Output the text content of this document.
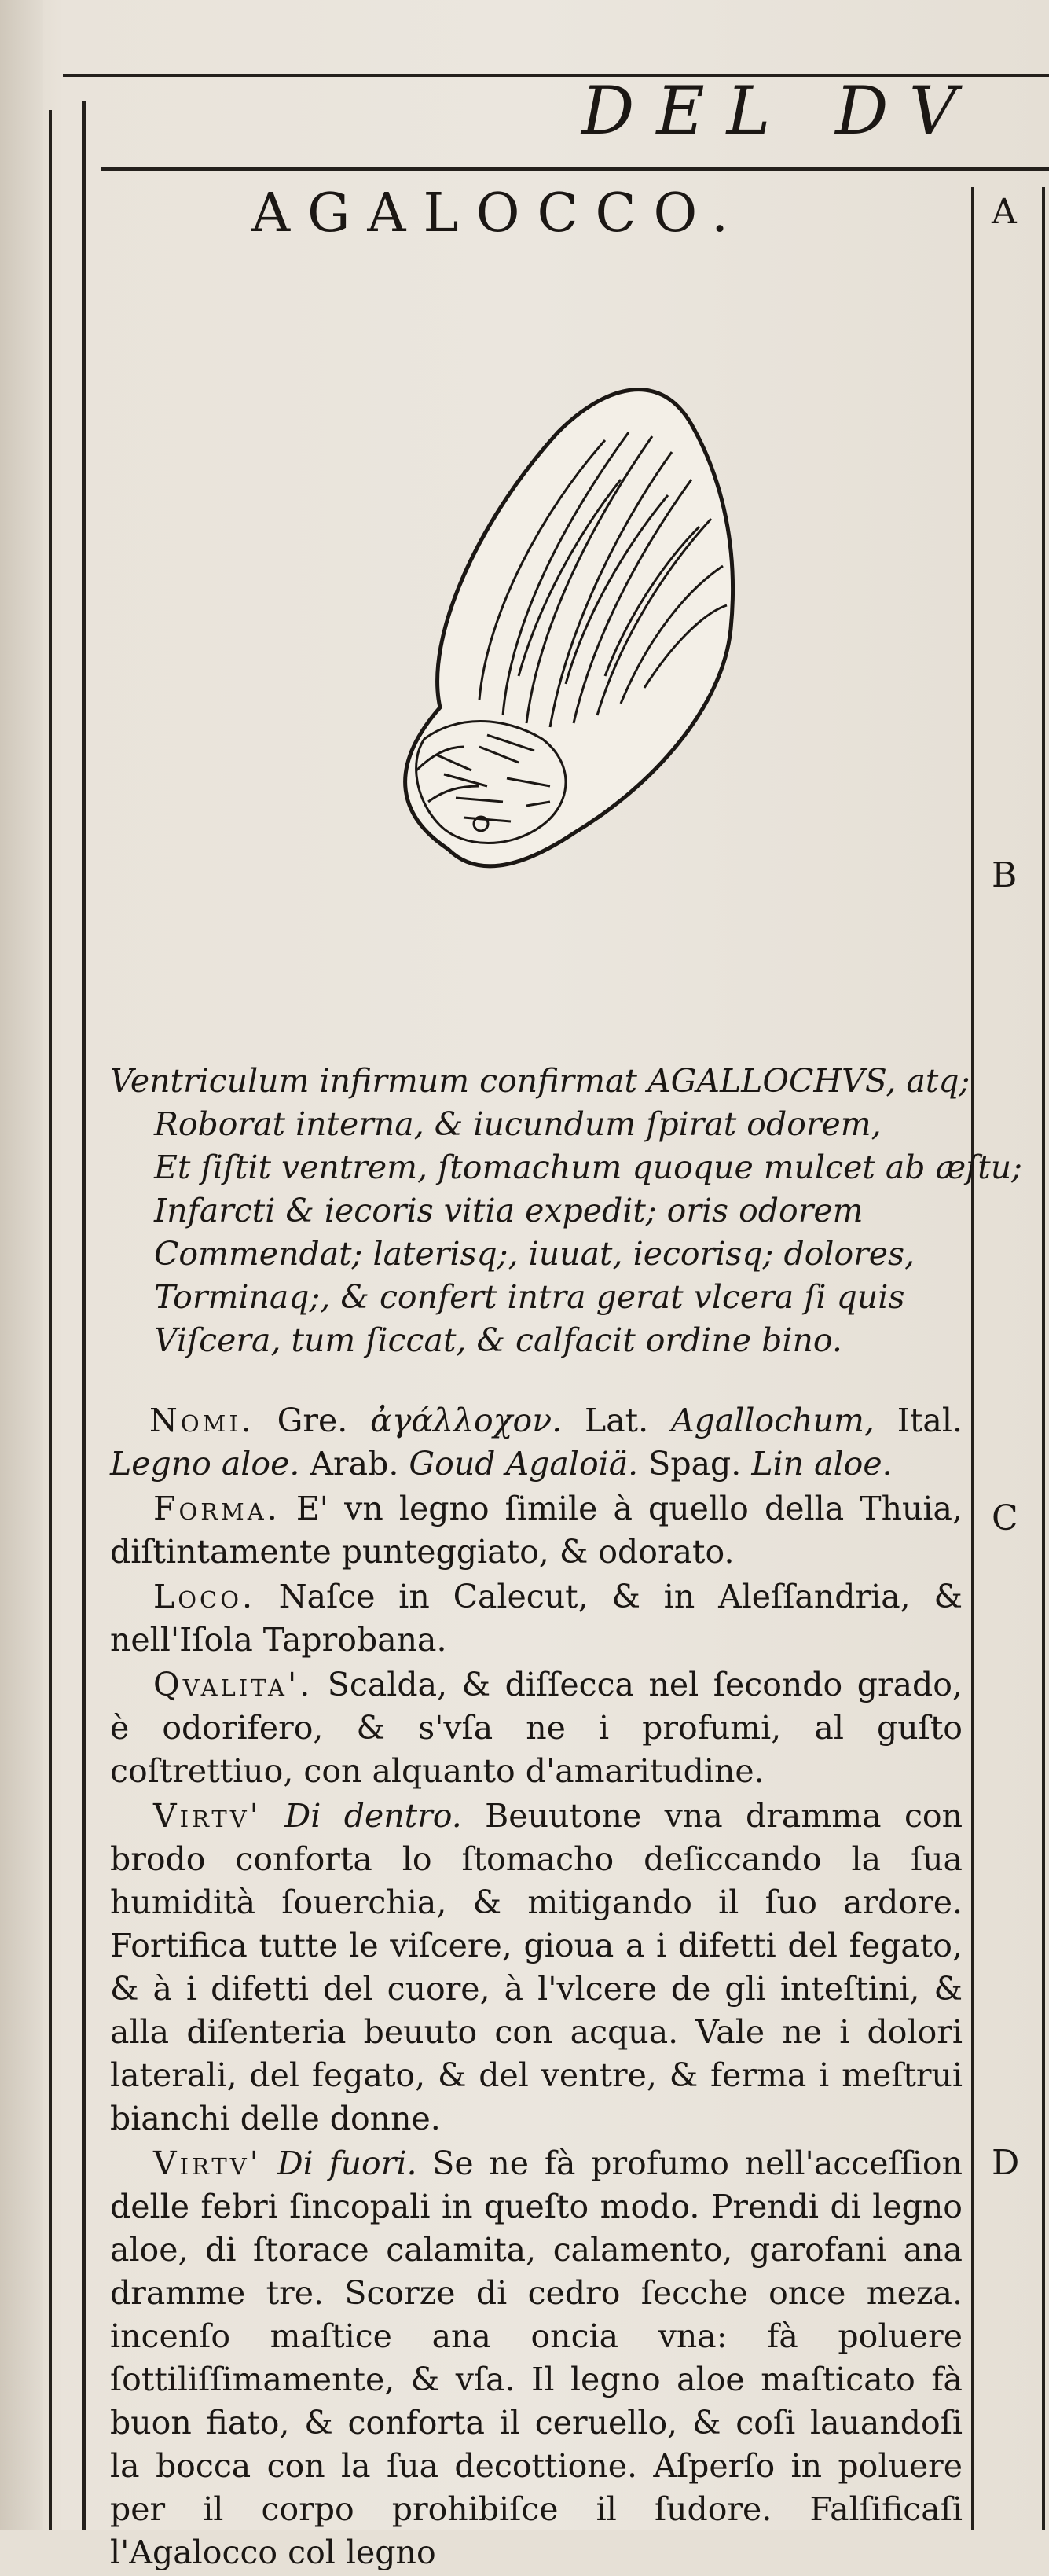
DEL DV
AGALOCCO.	A
B
C
D
Ventriculum infirmum confirmat AGALLOCHVS, atq;
Roborat interna, & iucundum ſpirat odorem,
Et ſiſtit ventrem, ſtomachum quoque mulcet ab æſtu;
Infarcti & iecoris vitia expedit; oris odorem
Commendat; laterisq;, iuuat, iecorisq; dolores,
Torminaq;, & confert intra gerat vlcera ſi quis
Viſcera, tum ſiccat, & calfacit ordine bino.

Nomi. Gre. ἀγάλλοχον. Lat. Agallochum, Ital. Legno aloe. Arab. Goud Agaloiä. Spag. Lin aloe.

Forma. E' vn legno ſimile à quello della Thuia, diſtintamente punteggiato, & odorato.

Loco. Naſce in Calecut, & in Aleſſandria, & nell'Iſola Taprobana.

Qvalita'. Scalda, & diſſecca nel ſecondo grado, è odorifero, & s'vſa ne i profumi, al guſto coſtrettiuo, con alquanto d'amaritudine.

Virtv' Di dentro. Beuutone vna dramma con brodo conforta lo ſtomacho deſiccando la ſua humidità ſouerchia, & mitigando il ſuo ardore. Fortifica tutte le viſcere, gioua a i difetti del fegato, & à i difetti del cuore, à l'vlcere de gli inteſtini, & alla diſenteria beuuto con acqua. Vale ne i dolori laterali, del fegato, & del ventre, & ferma i meſtrui bianchi delle donne.

Virtv' Di fuori. Se ne fà profumo nell'acceſſion delle febri ſincopali in queſto modo. Prendi di legno aloe, di ſtorace calamita, calamento, garofani ana dramme tre. Scorze di cedro ſecche once meza. incenſo maſtice ana oncia vna: fà poluere ſottiliſſimamente, & vſa. Il legno aloe maſticato fà buon fiato, & conforta il ceruello, & coſi lauandoſi la bocca con la ſua decottione. Aſperſo in poluere per il corpo prohibiſce il ſudore. Falſificaſi l'Agalocco col legno
